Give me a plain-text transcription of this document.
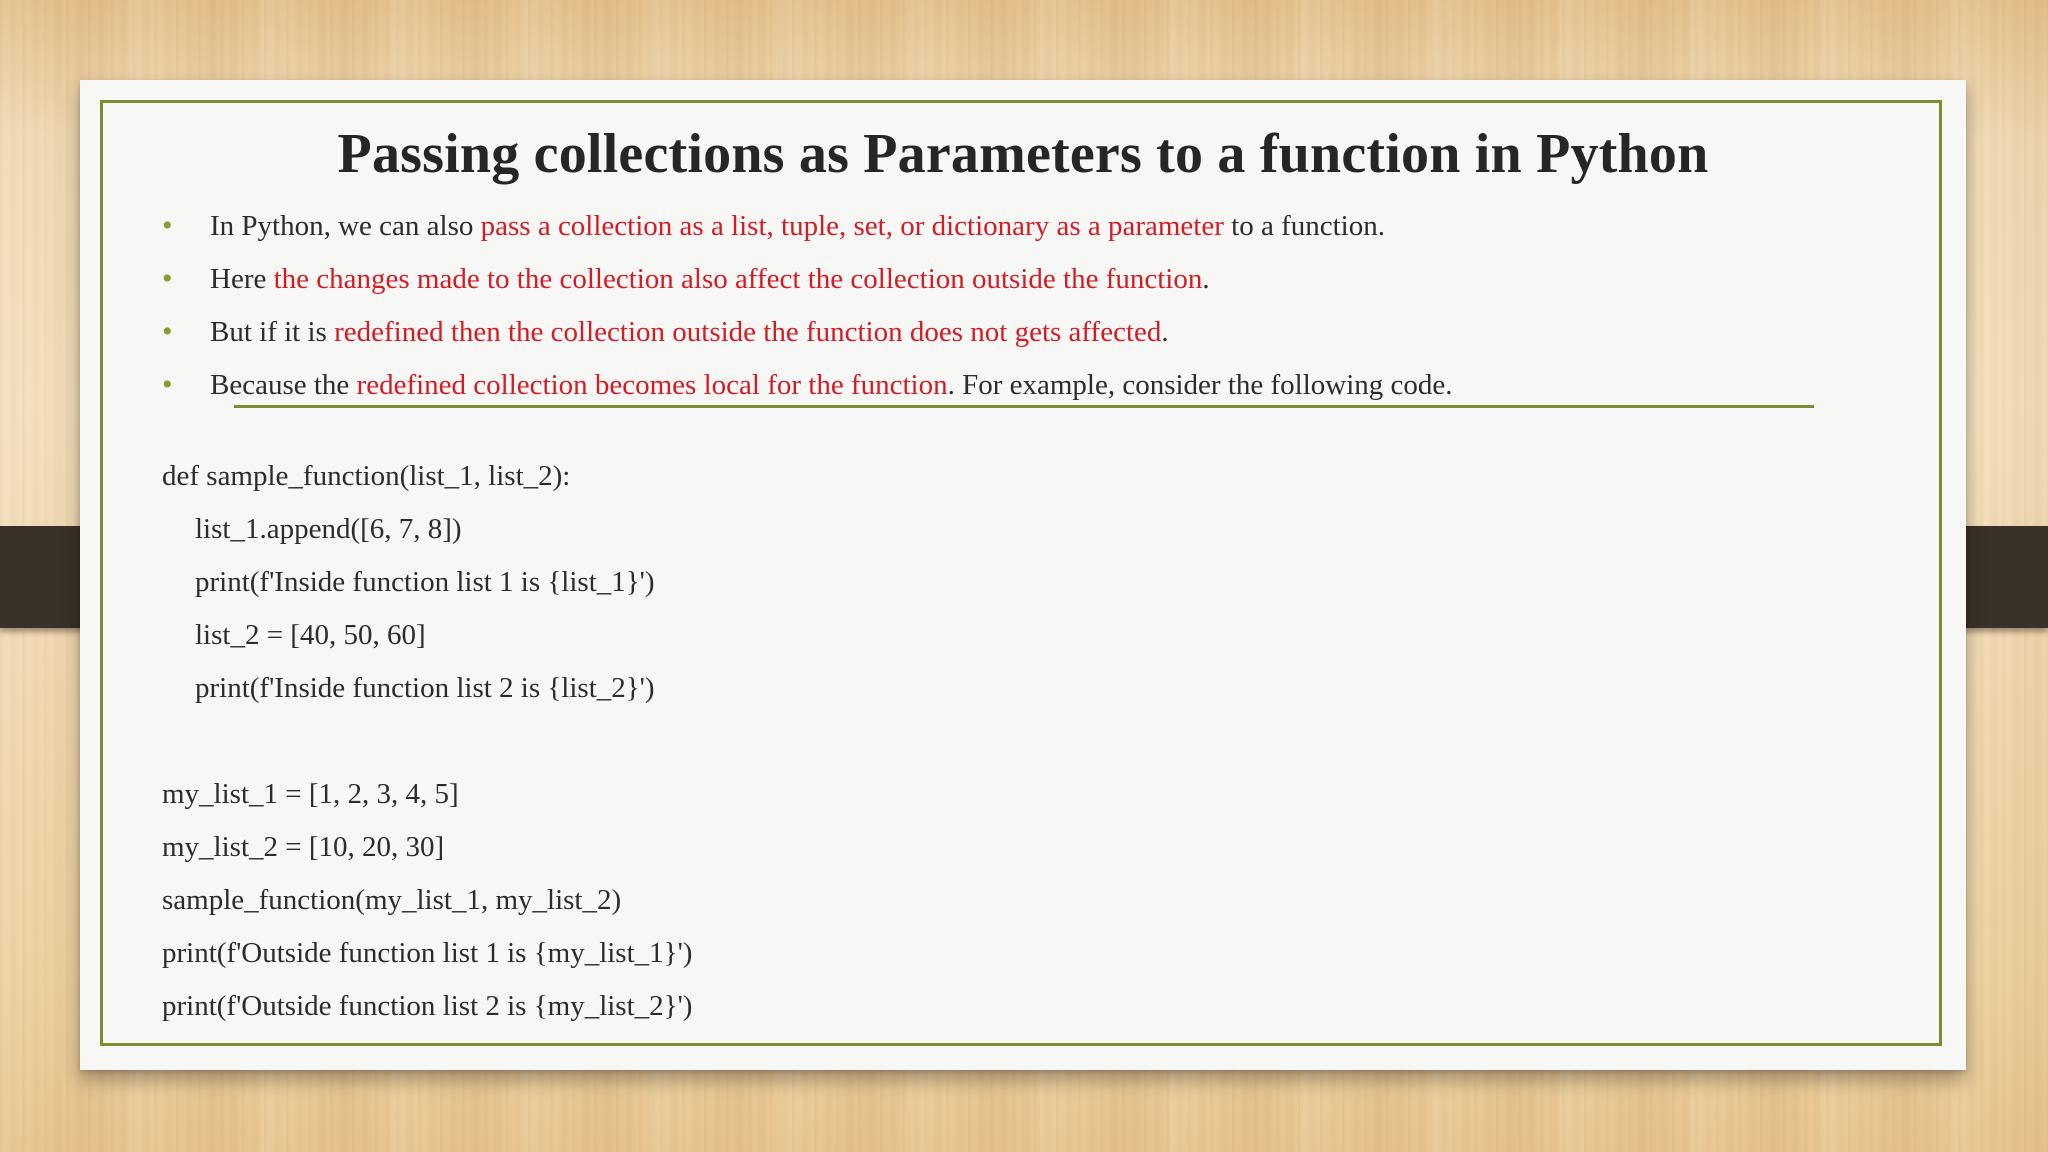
Passing collections as Parameters to a function in Python
• In Python, we can also pass a collection as a list, tuple, set, or dictionary as a parameter to a function.
• Here the changes made to the collection also affect the collection outside the function.
• But if it is redefined then the collection outside the function does not gets affected.
• Because the redefined collection becomes local for the function. For example, consider the following code.
def sample_function(list_1, list_2):
list_1.append([6, 7, 8])
print(f'Inside function list 1 is {list_1}')
list_2 = [40, 50, 60]
print(f'Inside function list 2 is {list_2}')
my_list_1 = [1, 2, 3, 4, 5]
my_list_2 = [10, 20, 30]
sample_function(my_list_1, my_list_2)
print(f'Outside function list 1 is {my_list_1}')
print(f'Outside function list 2 is {my_list_2}')
